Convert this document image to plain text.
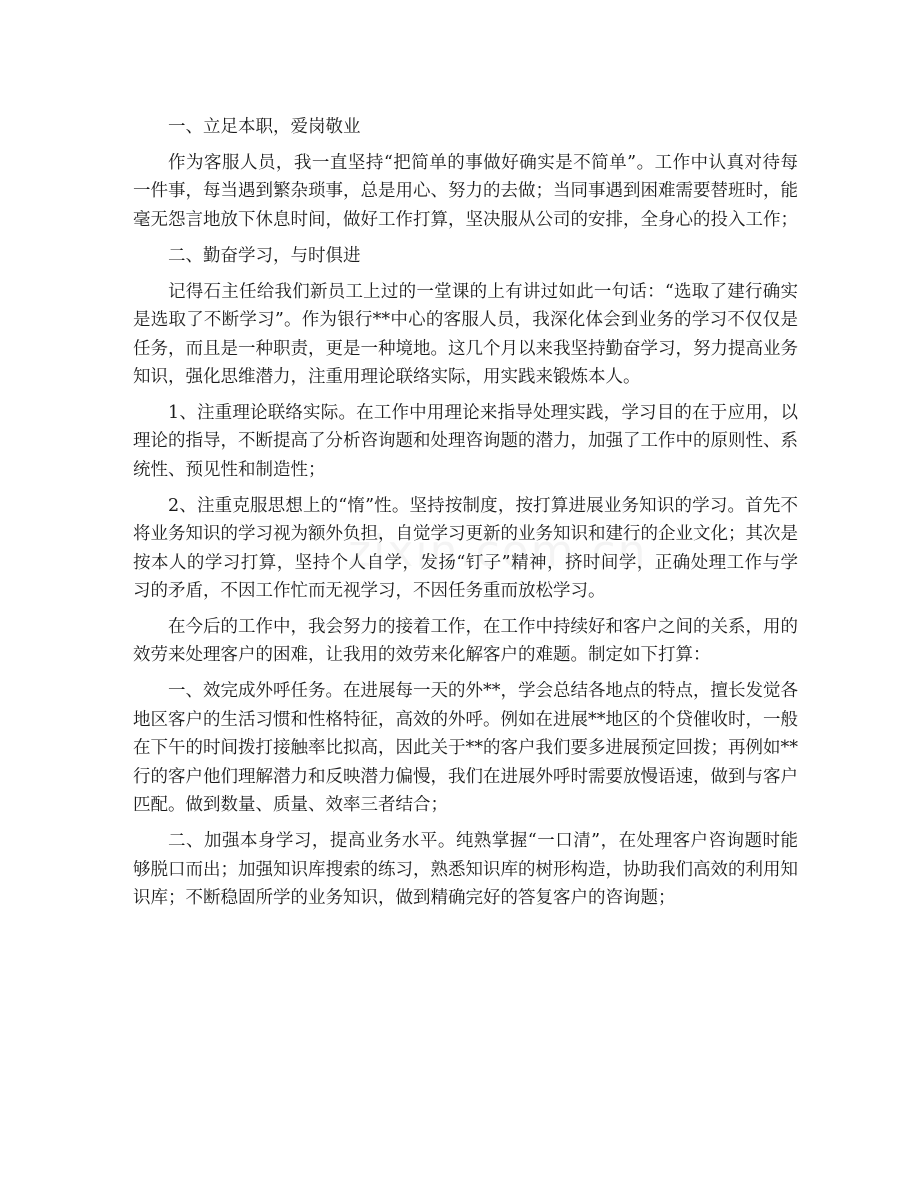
一、立足本职，爱岗敬业

作为客服人员，我一直坚持“把简单的事做好确实是不简单”。工作中认真对待每一件事，每当遇到繁杂琐事，总是用心、努力的去做；当同事遇到困难需要替班时，能毫无怨言地放下休息时间，做好工作打算，坚决服从公司的安排，全身心的投入工作；

二、勤奋学习，与时俱进

记得石主任给我们新员工上过的一堂课的上有讲过如此一句话：“选取了建行确实是选取了不断学习”。作为银行**中心的客服人员，我深化体会到业务的学习不仅仅是任务，而且是一种职责，更是一种境地。这几个月以来我坚持勤奋学习，努力提高业务知识，强化思维潜力，注重用理论联络实际，用实践来锻炼本人。

1、注重理论联络实际。在工作中用理论来指导处理实践，学习目的在于应用，以理论的指导，不断提高了分析咨询题和处理咨询题的潜力，加强了工作中的原则性、系统性、预见性和制造性；

2、注重克服思想上的“惰”性。坚持按制度，按打算进展业务知识的学习。首先不将业务知识的学习视为额外负担，自觉学习更新的业务知识和建行的企业文化；其次是按本人的学习打算，坚持个人自学，发扬“钉子”精神，挤时间学，正确处理工作与学习的矛盾，不因工作忙而无视学习，不因任务重而放松学习。

在今后的工作中，我会努力的接着工作，在工作中持续好和客户之间的关系，用的效劳来处理客户的困难，让我用的效劳来化解客户的难题。制定如下打算：

一、效完成外呼任务。在进展每一天的外**，学会总结各地点的特点，擅长发觉各地区客户的生活习惯和性格特征，高效的外呼。例如在进展**地区的个贷催收时，一般在下午的时间拨打接触率比拟高，因此关于**的客户我们要多进展预定回拨；再例如**行的客户他们理解潜力和反映潜力偏慢，我们在进展外呼时需要放慢语速，做到与客户匹配。做到数量、质量、效率三者结合；

二、加强本身学习，提高业务水平。纯熟掌握“一口清”，在处理客户咨询题时能够脱口而出；加强知识库搜索的练习，熟悉知识库的树形构造，协助我们高效的利用知识库；不断稳固所学的业务知识，做到精确完好的答复客户的咨询题；
